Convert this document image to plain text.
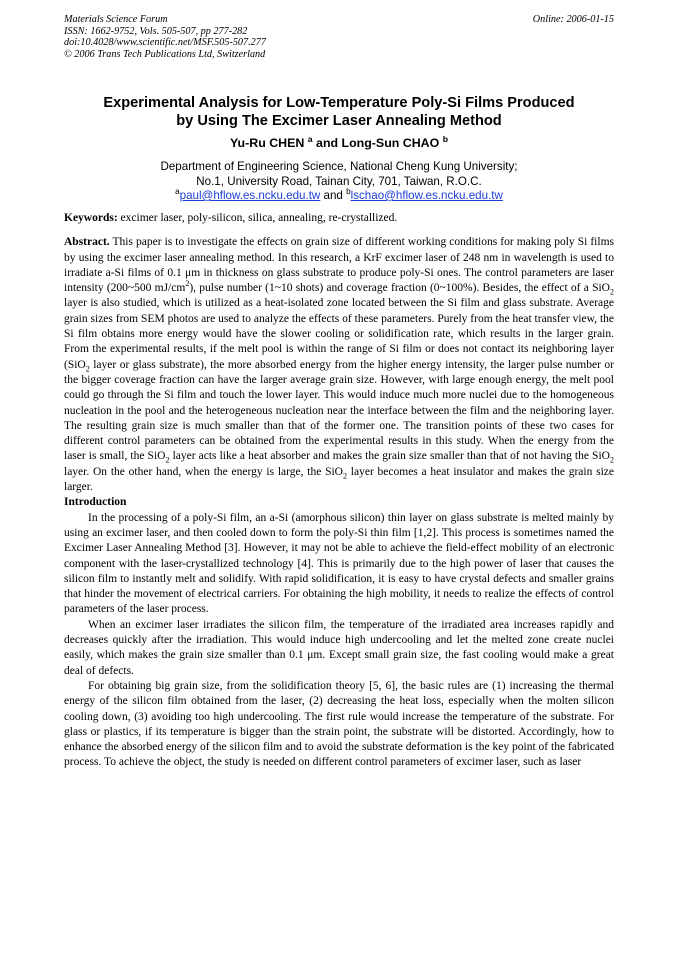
Materials Science Forum
ISSN: 1662-9752, Vols. 505-507, pp 277-282
doi:10.4028/www.scientific.net/MSF.505-507.277
© 2006 Trans Tech Publications Ltd, Switzerland
Online: 2006-01-15
Experimental Analysis for Low-Temperature Poly-Si Films Produced
by Using The Excimer Laser Annealing Method
Yu-Ru CHEN $^a$ and Long-Sun CHAO $^b$
Department of Engineering Science, National Cheng Kung University;
No.1, University Road, Tainan City, 701, Taiwan, R.O.C.
$^a$paul@hflow.es.ncku.edu.tw and $^b$lschao@hflow.es.ncku.edu.tw

Keywords: excimer laser, poly-silicon, silica, annealing, re-crystallized.

Abstract. This paper is to investigate the effects on grain size of different working conditions for making poly Si films by using the excimer laser annealing method. In this research, a KrF excimer laser of 248 nm in wavelength is used to irradiate a-Si films of 0.1 μm in thickness on glass substrate to produce poly-Si ones. The control parameters are laser intensity (200~500 $mJ/cm^2$), pulse number (1~10 shots) and coverage fraction (0~100%). Besides, the effect of a SiO$_2$ layer is also studied, which is utilized as a heat-isolated zone located between the Si film and glass substrate. Average grain sizes from SEM photos are used to analyze the effects of these parameters. Purely from the heat transfer view, the Si film obtains more energy would have the slower cooling or solidification rate, which results in the larger grain. From the experimental results, if the melt pool is within the range of Si film or does not contact its neighboring layer (SiO$_2$ layer or glass substrate), the more absorbed energy from the higher energy intensity, the larger pulse number or the bigger coverage fraction can have the larger average grain size. However, with large enough energy, the melt pool could go through the Si film and touch the lower layer. This would induce much more nuclei due to the homogeneous nucleation in the pool and the heterogeneous nucleation near the interface between the film and the neighboring layer. The resulting grain size is much smaller than that of the former one. The transition points of these two cases for different control parameters can be obtained from the experimental results in this study. When the energy from the laser is small, the SiO$_2$ layer acts like a heat absorber and makes the grain size smaller than that of not having the SiO$_2$ layer. On the other hand, when the energy is large, the SiO$_2$ layer becomes a heat insulator and makes the grain size larger.

Introduction

In the processing of a poly-Si film, an a-Si (amorphous silicon) thin layer on glass substrate is melted mainly by using an excimer laser, and then cooled down to form the poly-Si thin film [1,2]. This process is sometimes named the Excimer Laser Annealing Method [3]. However, it may not be able to achieve the field-effect mobility of an electronic component with the laser-crystallized technology [4]. This is primarily due to the high power of laser that causes the silicon film to instantly melt and solidify. With rapid solidification, it is easy to have crystal defects and smaller grains that hinder the movement of electrical carriers. For obtaining the high mobility, it needs to realize the effects of control parameters of the laser process.

When an excimer laser irradiates the silicon film, the temperature of the irradiated area increases rapidly and decreases quickly after the irradiation. This would induce high undercooling and let the melted zone create nuclei easily, which makes the grain size smaller than 0.1 μm. Except small grain size, the fast cooling would make a great deal of defects.

For obtaining big grain size, from the solidification theory [5, 6], the basic rules are (1) increasing the thermal energy of the silicon film obtained from the laser, (2) decreasing the heat loss, especially when the molten silicon cooling down, (3) avoiding too high undercooling. The first rule would increase the temperature of the substrate. For glass or plastics, if its temperature is bigger than the strain point, the substrate will be distorted. Accordingly, how to enhance the absorbed energy of the silicon film and to avoid the substrate deformation is the key point of the fabricated process. To achieve the object, the study is needed on different control parameters of excimer laser, such as laser
